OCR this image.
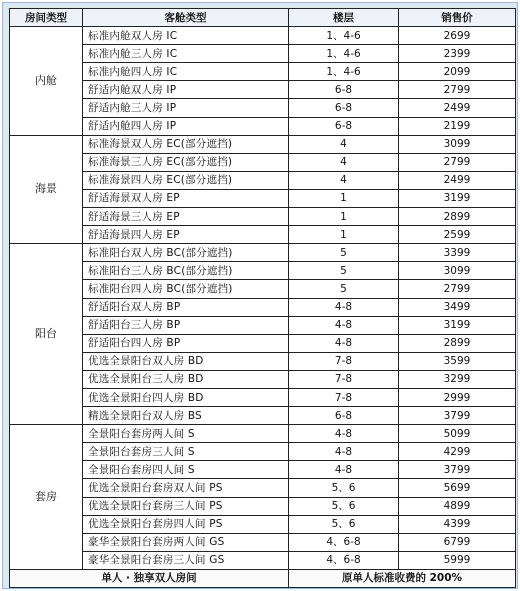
房间类型	客舱类型	楼层	销售价
内舱	标准内舱双人房 IC	1、4-6	2699
	标准内舱三人房 IC	1、4-6	2399
	标准内舱四人房 IC	1、4-6	2099
	舒适内舱双人房 IP	6-8	2799
	舒适内舱三人房 IP	6-8	2499
	舒适内舱四人房 IP	6-8	2199
海景	标准海景双人房 EC(部分遮挡)	4	3099
	标准海景三人房 EC(部分遮挡)	4	2799
	标准海景四人房 EC(部分遮挡)	4	2499
	舒适海景双人房 EP	1	3199
	舒适海景三人房 EP	1	2899
	舒适海景四人房 EP	1	2599
阳台	标准阳台双人房 BC(部分遮挡)	5	3399
	标准阳台三人房 BC(部分遮挡)	5	3099
	标准阳台四人房 BC(部分遮挡)	5	2799
	舒适阳台双人房 BP	4-8	3499
	舒适阳台三人房 BP	4-8	3199
	舒适阳台四人房 BP	4-8	2899
	优选全景阳台双人房 BD	7-8	3599
	优选全景阳台三人房 BD	7-8	3299
	优选全景阳台四人房 BD	7-8	2999
	精选全景阳台双人房 BS	6-8	3799
套房	全景阳台套房两人间 S	4-8	5099
	全景阳台套房三人间 S	4-8	4299
	全景阳台套房四人间 S	4-8	3799
	优选全景阳台套房双人间 PS	5、6	5699
	优选全景阳台套房三人间 PS	5、6	4899
	优选全景阳台套房四人间 PS	5、6	4399
	豪华全景阳台套房两人间 GS	4、6-8	6799
	豪华全景阳台套房三人间 GS	4、6-8	5999
单人 · 独享双人房间		原单人标准收费的 200%	
